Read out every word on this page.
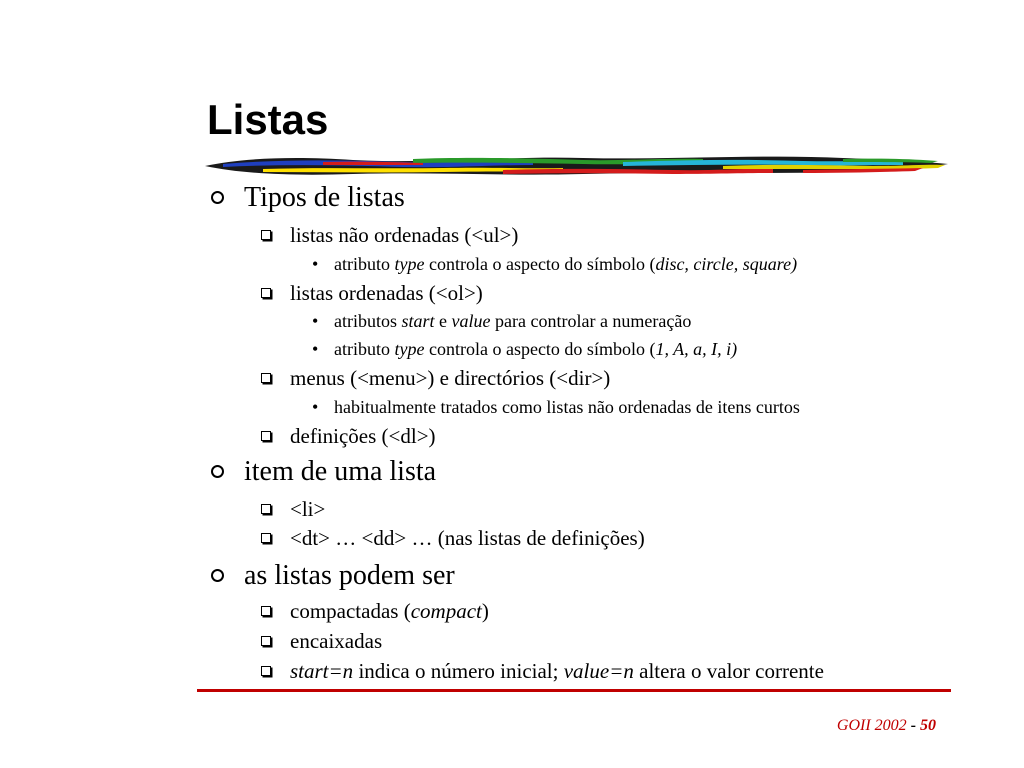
Listas
Tipos de listas
listas não ordenadas (<ul>)
• atributo type controla o aspecto do símbolo (disc, circle, square)
listas ordenadas (<ol>)
• atributos start e value para controlar a numeração
• atributo type controla o aspecto do símbolo (1, A, a, I, i)
menus (<menu>) e directórios (<dir>)
• habitualmente tratados como listas não ordenadas de itens curtos
definições (<dl>)
item de uma lista
<li>
<dt> … <dd> … (nas listas de definições)
as listas podem ser
compactadas (compact)
encaixadas
start=n indica o número inicial; value=n altera o valor corrente
GOII 2002 - 50
